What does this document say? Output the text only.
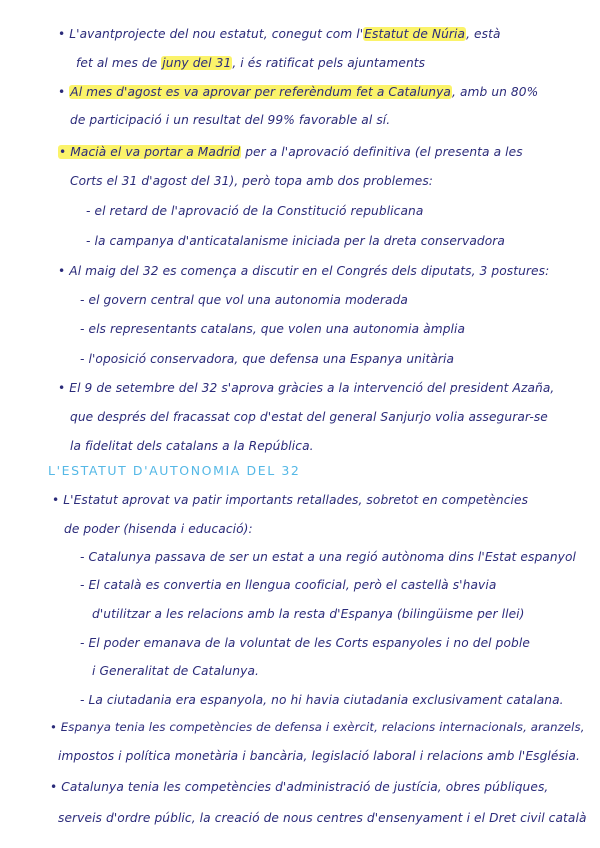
• L'avantprojecte del nou estatut, conegut com l'Estatut de Núria, està
fet al mes de juny del 31, i és ratificat pels ajuntaments
• Al mes d'agost es va aprovar per referèndum fet a Catalunya, amb un 80%
de participació i un resultat del 99% favorable al sí.
• Macià el va portar a Madrid per a l'aprovació definitiva (el presenta a les
Corts el 31 d'agost del 31), però topa amb dos problemes:
- el retard de l'aprovació de la Constitució republicana
- la campanya d'anticatalanisme iniciada per la dreta conservadora
• Al maig del 32 es comença a discutir en el Congrés dels diputats, 3 postures:
- el govern central que vol una autonomia moderada
- els representants catalans, que volen una autonomia àmplia
- l'oposició conservadora, que defensa una Espanya unitària
• El 9 de setembre del 32 s'aprova gràcies a la intervenció del president Azaña,
que després del fracassat cop d'estat del general Sanjurjo volia assegurar-se
la fidelitat dels catalans a la República.
L'ESTATUT D'AUTONOMIA DEL 32
• L'Estatut aprovat va patir importants retallades, sobretot en competències
de poder (hisenda i educació):
- Catalunya passava de ser un estat a una regió autònoma dins l'Estat espanyol
- El català es convertia en llengua cooficial, però el castellà s'havia
d'utilitzar a les relacions amb la resta d'Espanya (bilingüisme per llei)
- El poder emanava de la voluntat de les Corts espanyoles i no del poble
i Generalitat de Catalunya.
- La ciutadania era espanyola, no hi havia ciutadania exclusivament catalana.
• Espanya tenia les competències de defensa i exèrcit, relacions internacionals, aranzels,
impostos i política monetària i bancària, legislació laboral i relacions amb l'Església.
• Catalunya tenia les competències d'administració de justícia, obres públiques,
serveis d'ordre públic, la creació de nous centres d'ensenyament i el Dret civil català
